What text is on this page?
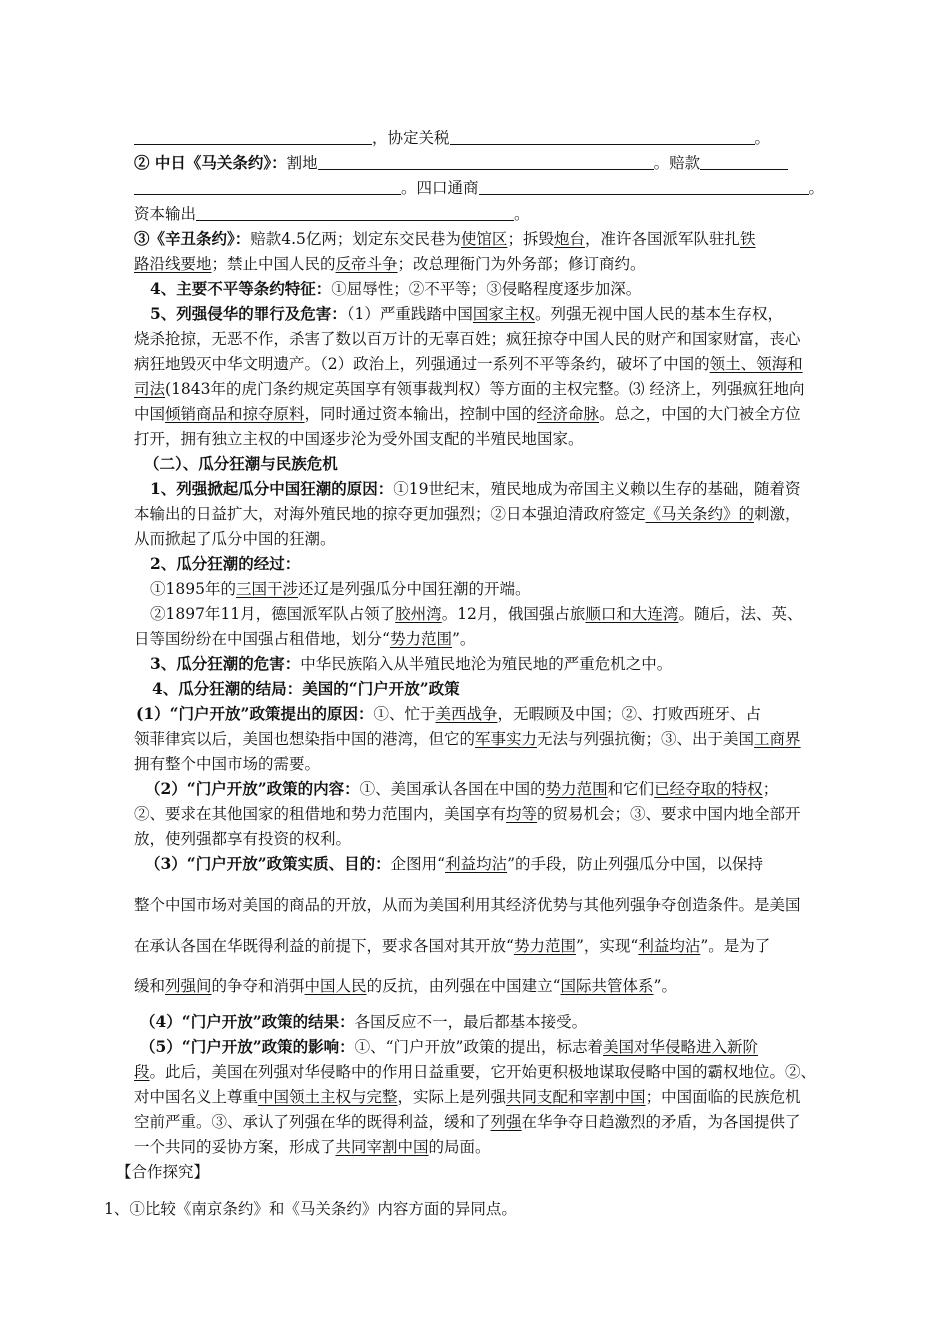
，协定关税	。
② 中日《马关条约》：割地	。赔款
。四口通商	。
资本输出	。
③《辛丑条约》：赔款4.5亿两；划定东交民巷为使馆区；拆毁炮台，准许各国派军队驻扎铁
路沿线要地；禁止中国人民的反帝斗争；改总理衙门为外务部；修订商约。
4、主要不平等条约特征：①屈辱性；②不平等；③侵略程度逐步加深。
5、列强侵华的罪行及危害：（1）严重践踏中国国家主权。列强无视中国人民的基本生存权，
烧杀抢掠，无恶不作，杀害了数以百万计的无辜百姓；疯狂掠夺中国人民的财产和国家财富，丧心
病狂地毁灭中华文明遗产。（2）政治上，列强通过一系列不平等条约，破坏了中国的领土、领海和
司法(1843年的虎门条约规定英国享有领事裁判权）等方面的主权完整。⑶ 经济上，列强疯狂地向
中国倾销商品和掠夺原料，同时通过资本输出，控制中国的经济命脉。总之，中国的大门被全方位
打开，拥有独立主权的中国逐步沦为受外国支配的半殖民地国家。
（二）、瓜分狂潮与民族危机
1、列强掀起瓜分中国狂潮的原因：①19世纪末，殖民地成为帝国主义赖以生存的基础，随着资
本输出的日益扩大，对海外殖民地的掠夺更加强烈；②日本强迫清政府签定《马关条约》的刺激，
从而掀起了瓜分中国的狂潮。
2、瓜分狂潮的经过：
①1895年的三国干涉还辽是列强瓜分中国狂潮的开端。
②1897年11月，德国派军队占领了胶州湾。12月，俄国强占旅顺口和大连湾。随后，法、英、
日等国纷纷在中国强占租借地，划分“势力范围”。
3、瓜分狂潮的危害：中华民族陷入从半殖民地沦为殖民地的严重危机之中。
4、瓜分狂潮的结局：美国的“门户开放”政策
(1）“门户开放”政策提出的原因：①、忙于美西战争，无暇顾及中国；②、打败西班牙、占
领菲律宾以后，美国也想染指中国的港湾，但它的军事实力无法与列强抗衡；③、出于美国工商界
拥有整个中国市场的需要。
（2）“门户开放”政策的内容：①、美国承认各国在中国的势力范围和它们已经夺取的特权；
②、要求在其他国家的租借地和势力范围内，美国享有均等的贸易机会；③、要求中国内地全部开
放，使列强都享有投资的权利。
（3）“门户开放”政策实质、目的：企图用“利益均沾”的手段，防止列强瓜分中国，以保持
整个中国市场对美国的商品的开放，从而为美国利用其经济优势与其他列强争夺创造条件。是美国
在承认各国在华既得利益的前提下，要求各国对其开放“势力范围”，实现“利益均沾”。是为了
缓和列强间的争夺和消弭中国人民的反抗，由列强在中国建立“国际共管体系”。
（4）“门户开放”政策的结果：各国反应不一，最后都基本接受。
（5）“门户开放”政策的影响：①、“门户开放”政策的提出，标志着美国对华侵略进入新阶
段。此后，美国在列强对华侵略中的作用日益重要，它开始更积极地谋取侵略中国的霸权地位。②、
对中国名义上尊重中国领土主权与完整，实际上是列强共同支配和宰割中国；中国面临的民族危机
空前严重。③、承认了列强在华的既得利益，缓和了列强在华争夺日趋激烈的矛盾，为各国提供了
一个共同的妥协方案，形成了共同宰割中国的局面。
【合作探究】
1、①比较《南京条约》和《马关条约》内容方面的异同点。
